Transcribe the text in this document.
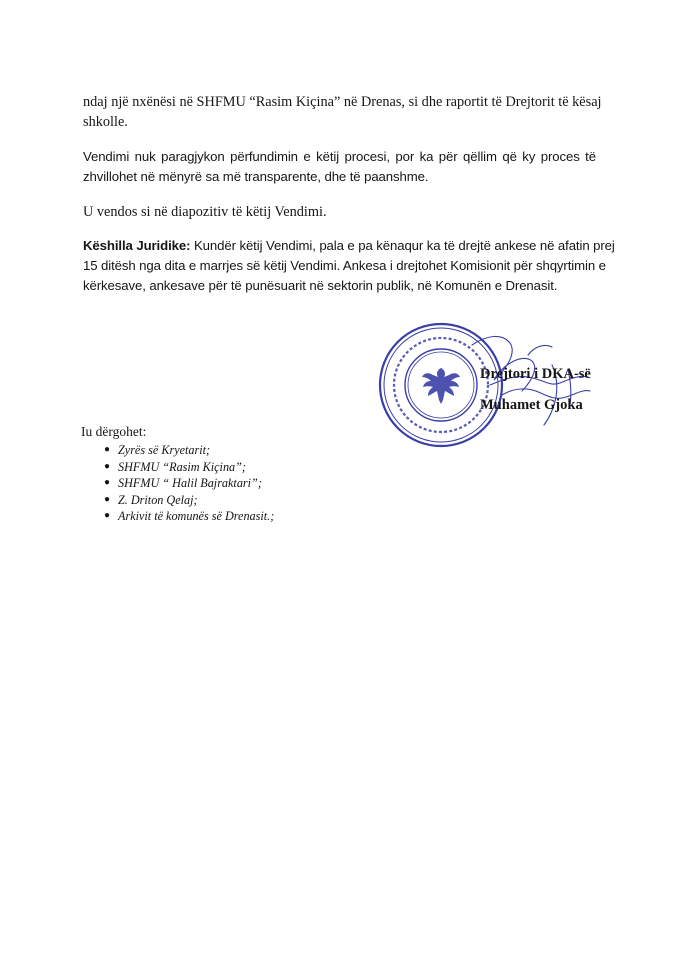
ndaj një nxënësi në SHFMU “Rasim Kiçina” në Drenas, si dhe raportit të Drejtorit të kësaj
shkolle.

Vendimi nuk paragjykon përfundimin e këtij procesi, por ka për qëllim që ky proces të
zhvillohet në mënyrë sa më transparente, dhe të paanshme.

U vendos si në diapozitiv të këtij Vendimi.

Këshilla Juridike: Kundër këtij Vendimi, pala e pa kënaqur ka të drejtë ankese në afatin prej
15 ditësh nga dita e marrjes së këtij Vendimi. Ankesa i drejtohet Komisionit për shqyrtimin e
kërkesave, ankesave për të punësuarit në sektorin publik, në Komunën e Drenasit.

Drejtori i DKA-së
Muhamet Gjoka
Iu dërgohet:
● Zyrës së Kryetarit;
● SHFMU “Rasim Kiçina”;
● SHFMU “ Halil Bajraktari”;
● Z. Driton Qelaj;
● Arkivit të komunës së Drenasit.;
